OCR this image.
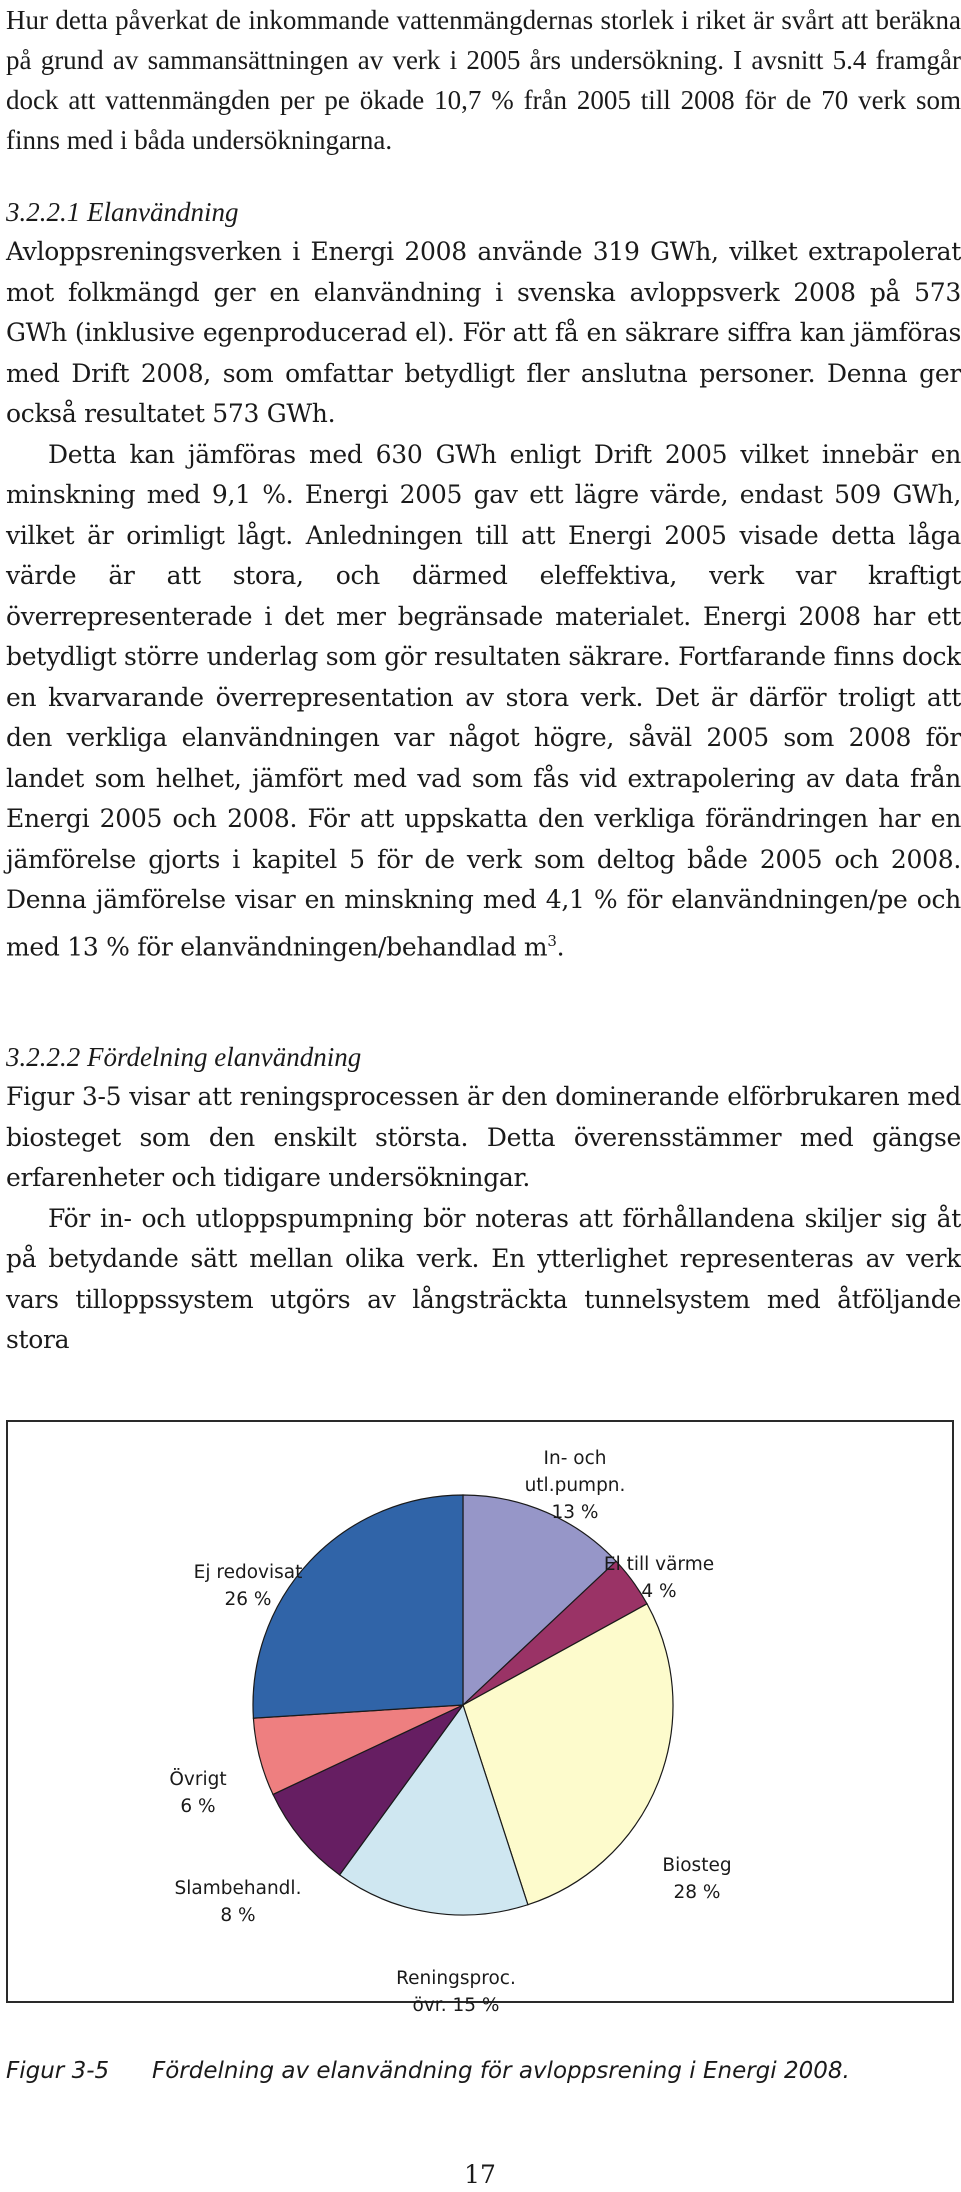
Hur detta påverkat de inkommande vattenmängdernas storlek i riket är svårt att beräkna på grund av sammansättningen av verk i 2005 års undersökning. I avsnitt 5.4 framgår dock att vattenmängden per pe ökade 10,7 % från 2005 till 2008 för de 70 verk som finns med i båda undersökningarna.

3.2.2.1 Elanvändning

Avloppsreningsverken i Energi 2008 använde 319 GWh, vilket extrapolerat mot folkmängd ger en elanvändning i svenska avloppsverk 2008 på 573 GWh (inklusive egenproducerad el). För att få en säkrare siffra kan jämföras med Drift 2008, som omfattar betydligt fler anslutna personer. Denna ger också resultatet 573 GWh.

Detta kan jämföras med 630 GWh enligt Drift 2005 vilket innebär en minskning med 9,1 %. Energi 2005 gav ett lägre värde, endast 509 GWh, vilket är orimligt lågt. Anledningen till att Energi 2005 visade detta låga värde är att stora, och därmed eleffektiva, verk var kraftigt överrepresenterade i det mer begränsade materialet. Energi 2008 har ett betydligt större underlag som gör resultaten säkrare. Fortfarande finns dock en kvarvarande överrepresentation av stora verk. Det är därför troligt att den verkliga elanvändningen var något högre, såväl 2005 som 2008 för landet som helhet, jämfört med vad som fås vid extrapolering av data från Energi 2005 och 2008. För att uppskatta den verkliga förändringen har en jämförelse gjorts i kapitel 5 för de verk som deltog både 2005 och 2008. Denna jämförelse visar en minskning med 4,1 % för elanvändningen/pe och med 13 % för elanvändningen/behandlad $m^3$.

3.2.2.2 Fördelning elanvändning

Figur 3-5 visar att reningsprocessen är den dominerande elförbrukaren med biosteget som den enskilt största. Detta överensstämmer med gängse erfarenheter och tidigare undersökningar.

För in- och utloppspumpning bör noteras att förhållandena skiljer sig åt på betydande sätt mellan olika verk. En ytterlighet representeras av verk vars tilloppssystem utgörs av långsträckta tunnelsystem med åtföljande stora

In- och utl.pumpn. 13 %
El till värme 4 %
Biosteg 28 %
Reningsproc. övr. 15 %
Slambehandl. 8 %
Övrigt 6 %
Ej redovisat 26 %
Figur 3-5 Fördelning av elanvändning för avloppsrening i Energi 2008.
17
